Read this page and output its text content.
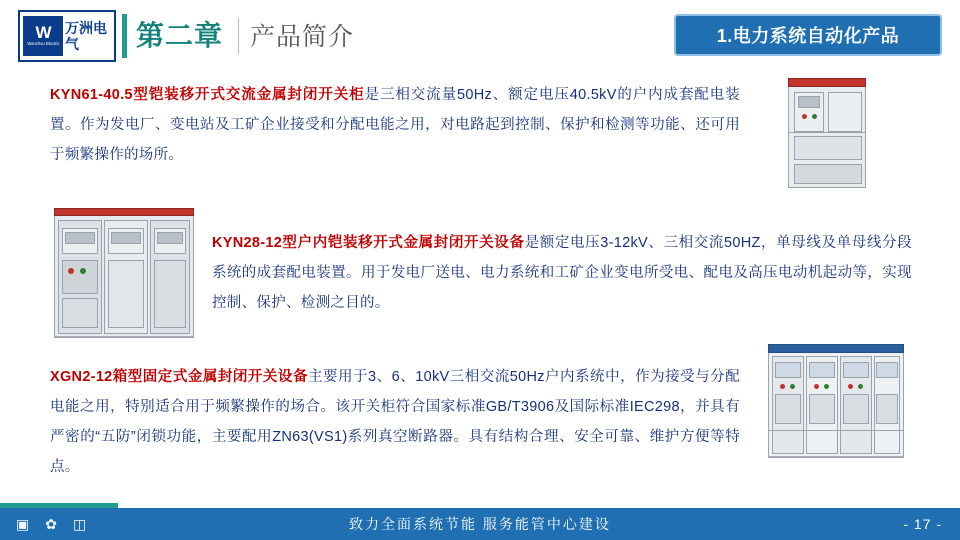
W
Wanzhou Electric
万洲电气	第二章 产品简介	1.电力系统自动化产品
KYN61-40.5型铠装移开式交流金属封闭开关柜是三相交流量50Hz、额定电压40.5kV的户内成套配电装置。作为发电厂、变电站及工矿企业接受和分配电能之用，对电路起到控制、保护和检测等功能、还可用于频繁操作的场所。
KYN28-12型户内铠装移开式金属封闭开关设备是额定电压3-12kV、三相交流50HZ，单母线及单母线分段系统的成套配电装置。用于发电厂送电、电力系统和工矿企业变电所受电、配电及高压电动机起动等，实现控制、保护、检测之目的。
XGN2-12箱型固定式金属封闭开关设备主要用于3、6、10kV三相交流50Hz户内系统中，作为接受与分配电能之用，特别适合用于频繁操作的场合。该开关柜符合国家标准GB/T3906及国际标准IEC298，并具有严密的“五防”闭锁功能，主要配用ZN63(VS1)系列真空断路器。具有结构合理、安全可靠、维护方便等特点。
▣ ✿ ◫	致力全面系统节能 服务能管中心建设	- 17 -
